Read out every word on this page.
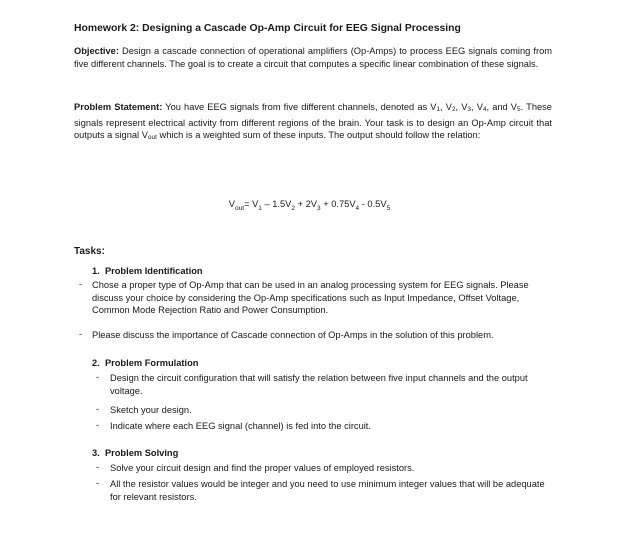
Homework 2: Designing a Cascade Op-Amp Circuit for EEG Signal Processing
Objective: Design a cascade connection of operational amplifiers (Op-Amps) to process EEG signals coming from five different channels. The goal is to create a circuit that computes a specific linear combination of these signals.
Problem Statement: You have EEG signals from five different channels, denoted as V1, V2, V3, V4, and V5. These signals represent electrical activity from different regions of the brain. Your task is to design an Op-Amp circuit that outputs a signal Vout which is a weighted sum of these inputs. The output should follow the relation:
$V_{out}= V_1 - 1.5V_2 + 2V_3 + 0.75V_4 - 0.5V_5$
Tasks:
1. Problem Identification
- Chose a proper type of Op-Amp that can be used in an analog processing system for EEG signals. Please discuss your choice by considering the Op-Amp specifications such as Input Impedance, Offset Voltage, Common Mode Rejection Ratio and Power Consumption.
- Please discuss the importance of Cascade connection of Op-Amps in the solution of this problem.
2. Problem Formulation
- Design the circuit configuration that will satisfy the relation between five input channels and the output voltage.
- Sketch your design.
- Indicate where each EEG signal (channel) is fed into the circuit.
3. Problem Solving
- Solve your circuit design and find the proper values of employed resistors.
- All the resistor values would be integer and you need to use minimum integer values that will be adequate for relevant resistors.
